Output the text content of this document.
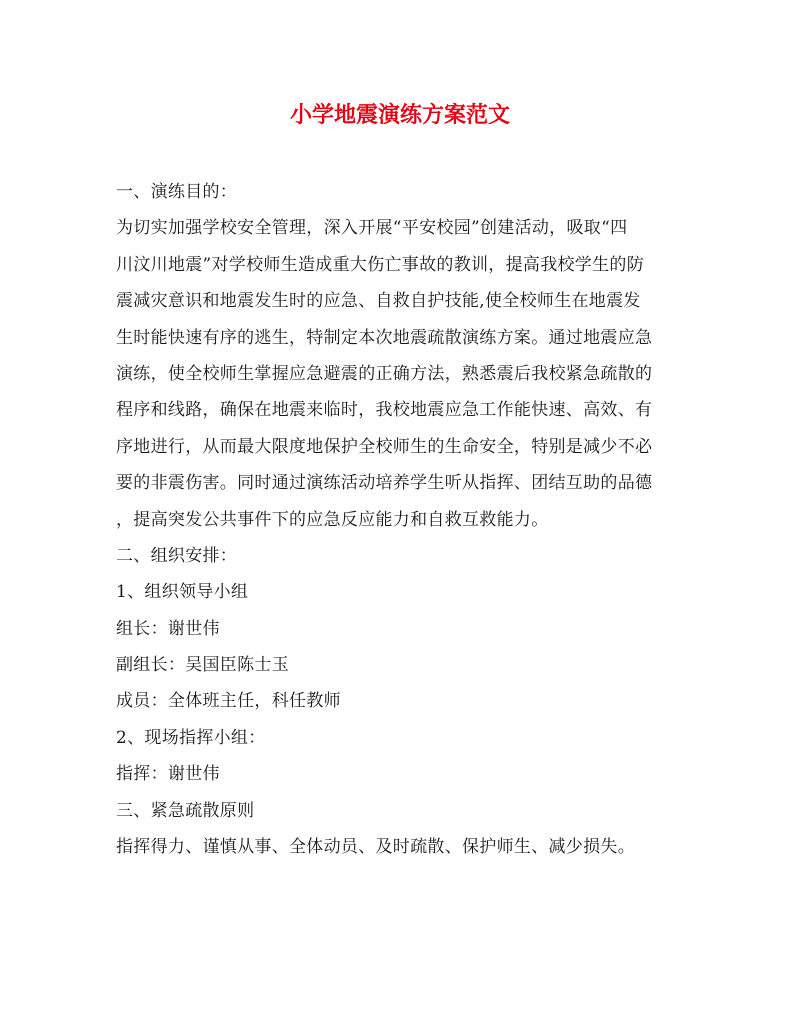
小学地震演练方案范文
一、演练目的：
为切实加强学校安全管理，深入开展“平安校园”创建活动，吸取“四
川汶川地震”对学校师生造成重大伤亡事故的教训，提高我校学生的防
震减灾意识和地震发生时的应急、自救自护技能,使全校师生在地震发
生时能快速有序的逃生，特制定本次地震疏散演练方案。通过地震应急
演练，使全校师生掌握应急避震的正确方法，熟悉震后我校紧急疏散的
程序和线路，确保在地震来临时，我校地震应急工作能快速、高效、有
序地进行，从而最大限度地保护全校师生的生命安全，特别是减少不必
要的非震伤害。同时通过演练活动培养学生听从指挥、团结互助的品德
，提高突发公共事件下的应急反应能力和自救互救能力。
二、组织安排：
1、组织领导小组
组长：谢世伟
副组长：吴国臣陈士玉
成员：全体班主任，科任教师
2、现场指挥小组：
指挥：谢世伟
三、紧急疏散原则
指挥得力、谨慎从事、全体动员、及时疏散、保护师生、减少损失。
